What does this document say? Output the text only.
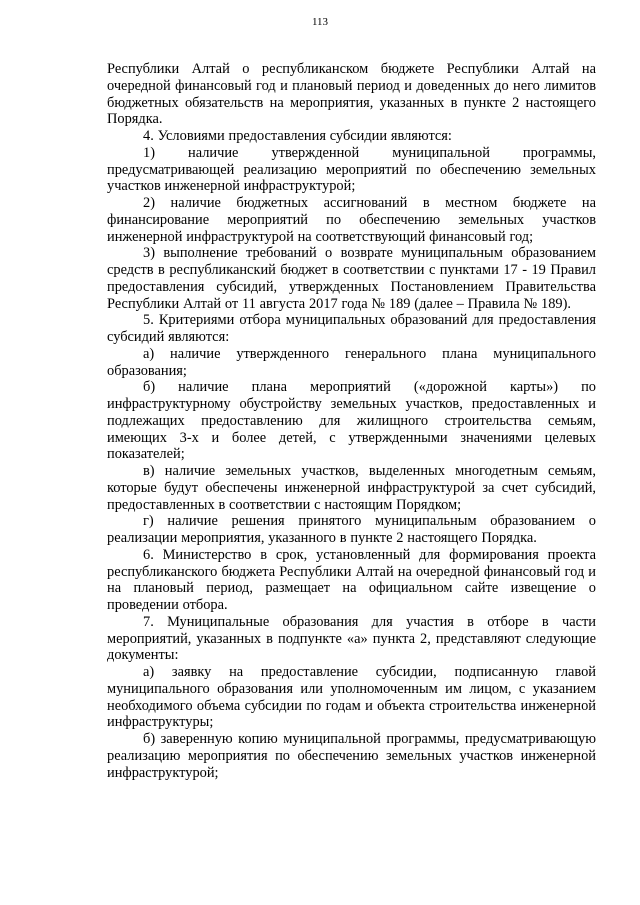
113

Республики Алтай о республиканском бюджете Республики Алтай на очередной финансовый год и плановый период и доведенных до него лимитов бюджетных обязательств на мероприятия, указанных в пункте 2 настоящего Порядка.

4. Условиями предоставления субсидии являются:

1) наличие утвержденной муниципальной программы, предусматривающей реализацию мероприятий по обеспечению земельных участков инженерной инфраструктурой;

2) наличие бюджетных ассигнований в местном бюджете на финансирование мероприятий по обеспечению земельных участков инженерной инфраструктурой на соответствующий финансовый год;

3) выполнение требований о возврате муниципальным образованием средств в республиканский бюджет в соответствии с пунктами 17 - 19 Правил предоставления субсидий, утвержденных Постановлением Правительства Республики Алтай от 11 августа 2017 года № 189 (далее – Правила № 189).

5. Критериями отбора муниципальных образований для предоставления субсидий являются:

а) наличие утвержденного генерального плана муниципального образования;

б) наличие плана мероприятий («дорожной карты») по инфраструктурному обустройству земельных участков, предоставленных и подлежащих предоставлению для жилищного строительства семьям, имеющих 3-х и более детей, с утвержденными значениями целевых показателей;

в) наличие земельных участков, выделенных многодетным семьям, которые будут обеспечены инженерной инфраструктурой за счет субсидий, предоставленных в соответствии с настоящим Порядком;

г) наличие решения принятого муниципальным образованием о реализации мероприятия, указанного в пункте 2 настоящего Порядка.

6. Министерство в срок, установленный для формирования проекта республиканского бюджета Республики Алтай на очередной финансовый год и на плановый период, размещает на официальном сайте извещение о проведении отбора.

7. Муниципальные образования для участия в отборе в части мероприятий, указанных в подпункте «а» пункта 2, представляют следующие документы:

а) заявку на предоставление субсидии, подписанную главой муниципального образования или уполномоченным им лицом, с указанием необходимого объема субсидии по годам и объекта строительства инженерной инфраструктуры;

б) заверенную копию муниципальной программы, предусматривающую реализацию мероприятия по обеспечению земельных участков инженерной инфраструктурой;
